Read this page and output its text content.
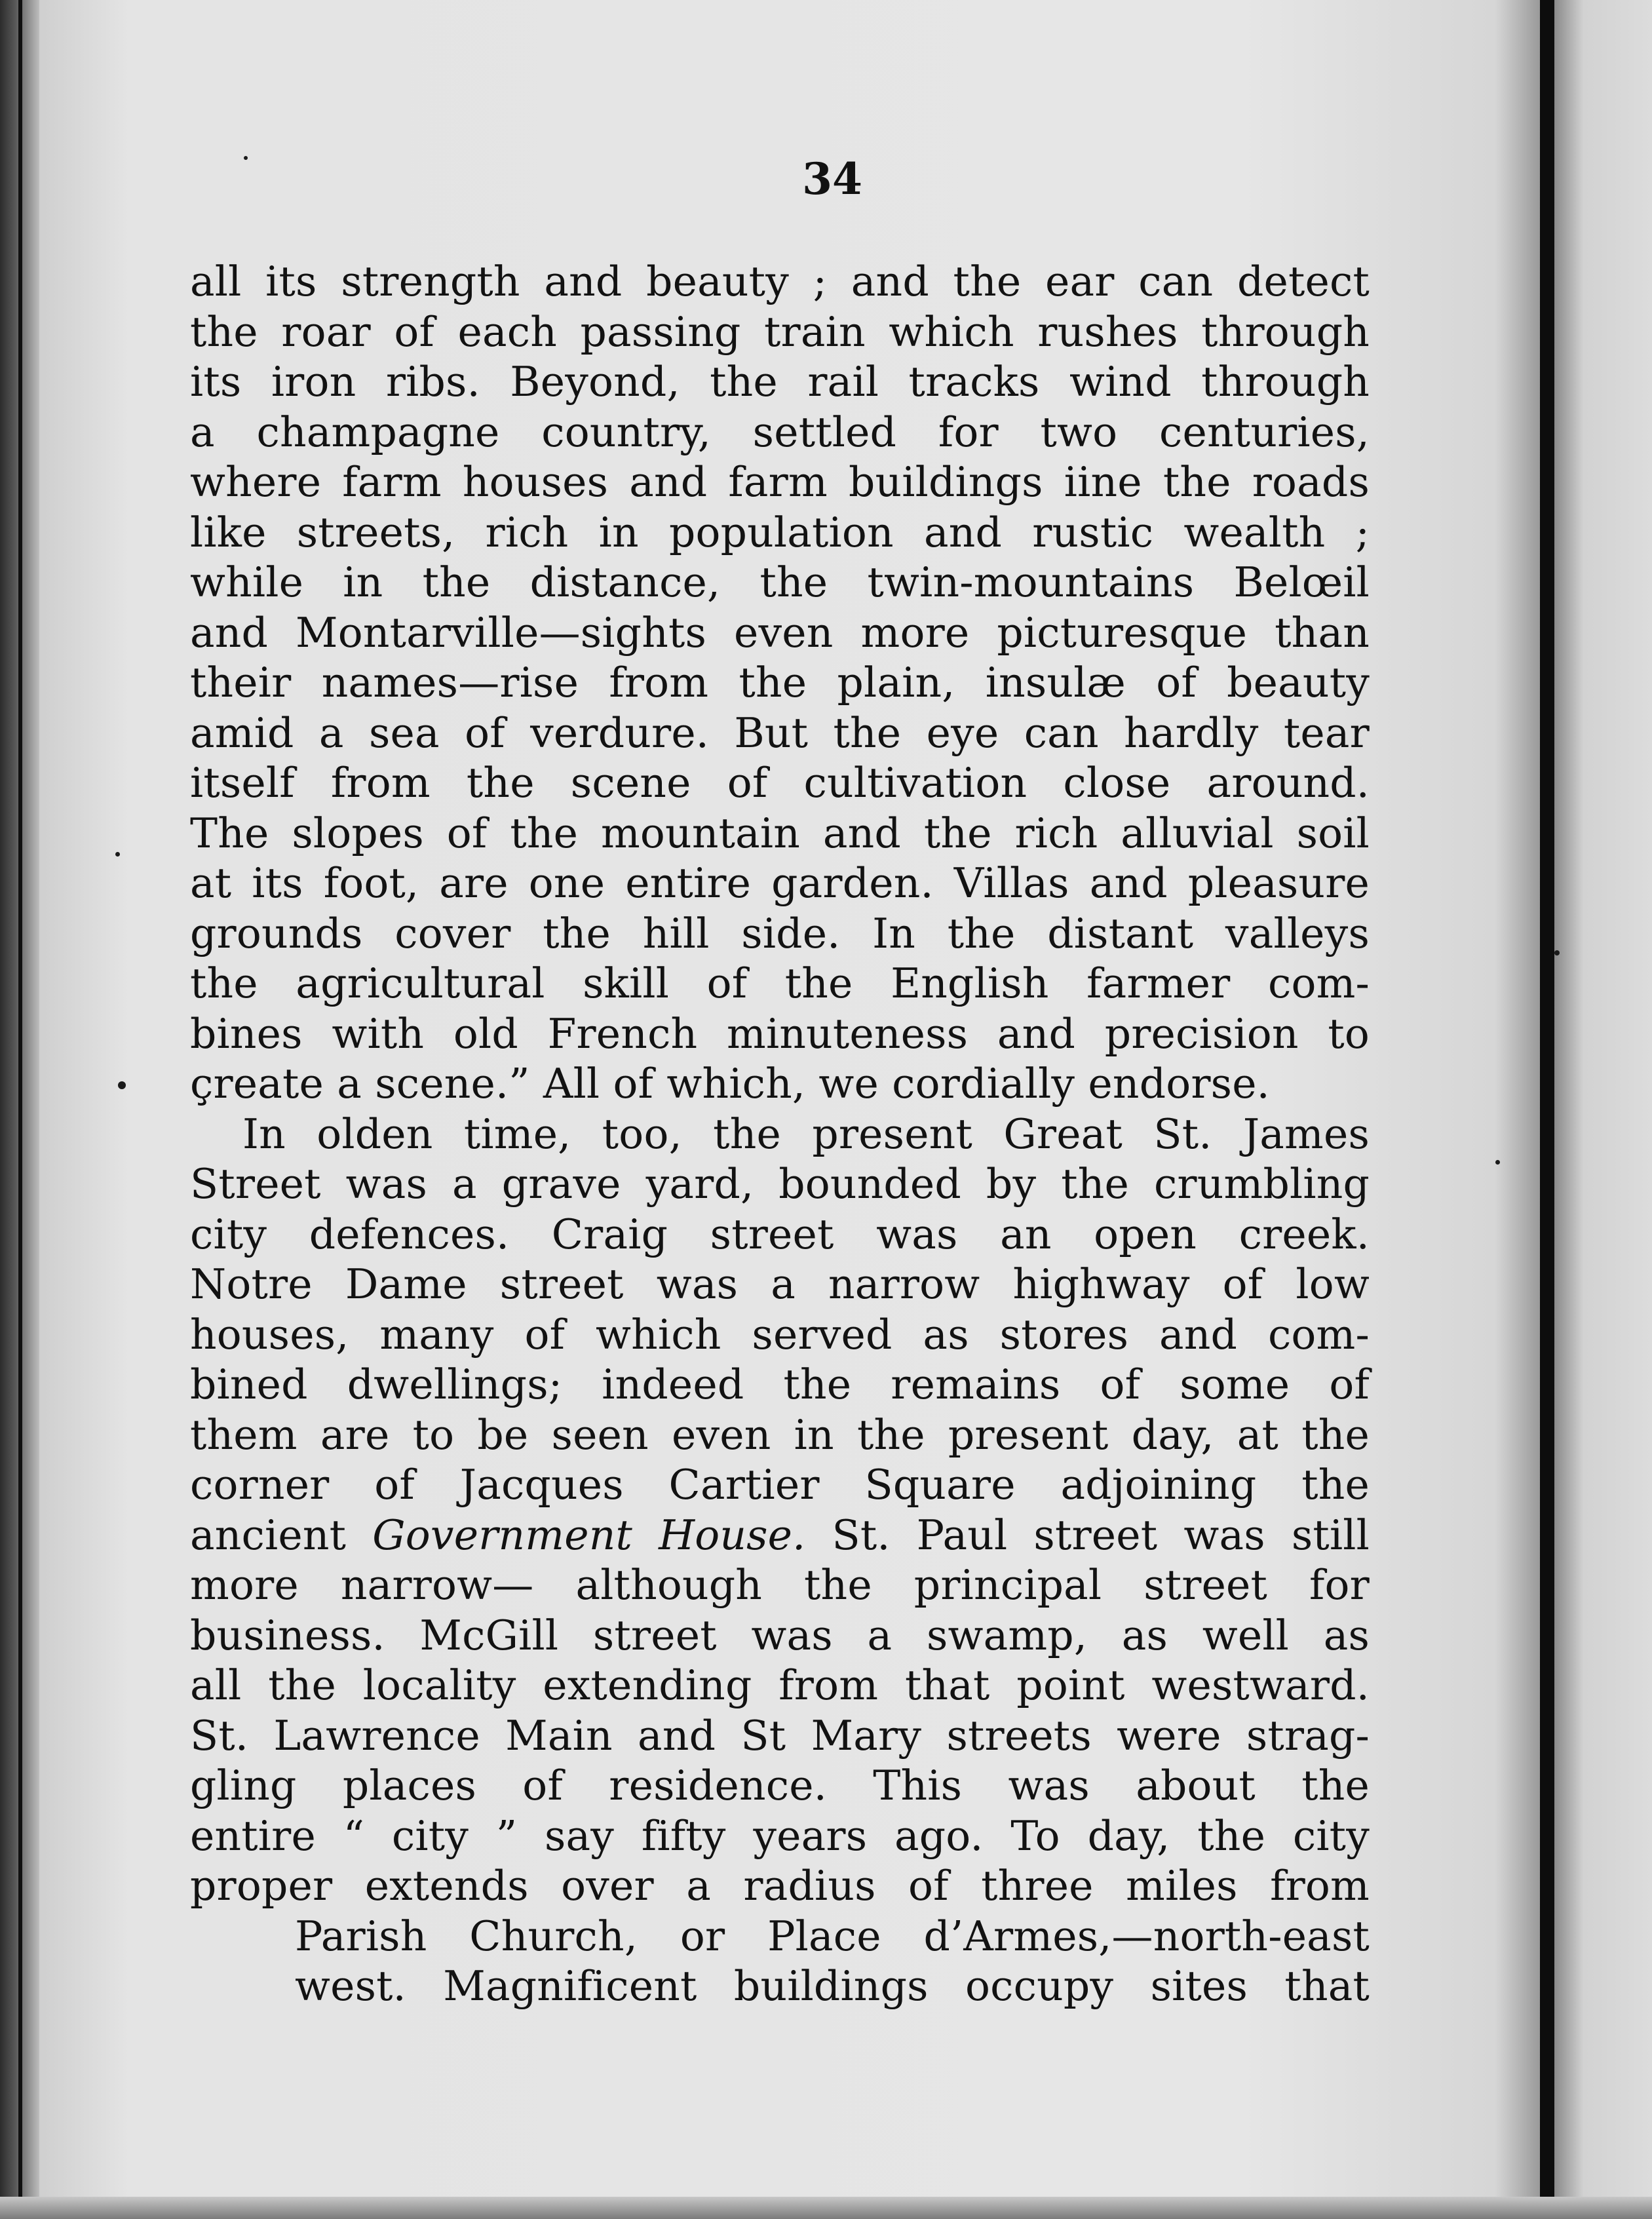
34
all its strength and beauty ; and the ear can detect
the roar of each passing train which rushes through
its iron ribs. Beyond, the rail tracks wind through
a champagne country, settled for two centuries,
where farm houses and farm buildings iine the roads
like streets, rich in population and rustic wealth ;
while in the distance, the twin-mountains Belœil
and Montarville—sights even more picturesque than
their names—rise from the plain, insulæ of beauty
amid a sea of verdure. But the eye can hardly tear
itself from the scene of cultivation close around.
The slopes of the mountain and the rich alluvial soil
at its foot, are one entire garden. Villas and pleasure
grounds cover the hill side. In the distant valleys
the agricultural skill of the English farmer com-
bines with old French minuteness and precision to
çreate a scene.” All of which, we cordially endorse.
In olden time, too, the present Great St. James
Street was a grave yard, bounded by the crumbling
city defences. Craig street was an open creek.
Notre Dame street was a narrow highway of low
houses, many of which served as stores and com-
bined dwellings; indeed the remains of some of
them are to be seen even in the present day, at the
corner of Jacques Cartier Square adjoining the
ancient Government House. St. Paul street was still
more narrow— although the principal street for
business. McGill street was a swamp, as well as
all the locality extending from that point westward.
St. Lawrence Main and St Mary streets were strag-
gling places of residence. This was about the
entire “ city ” say fifty years ago. To day, the city
proper extends over a radius of three miles from
Parish Church, or Place d’Armes,—north-east
west. Magnificent buildings occupy sites that
